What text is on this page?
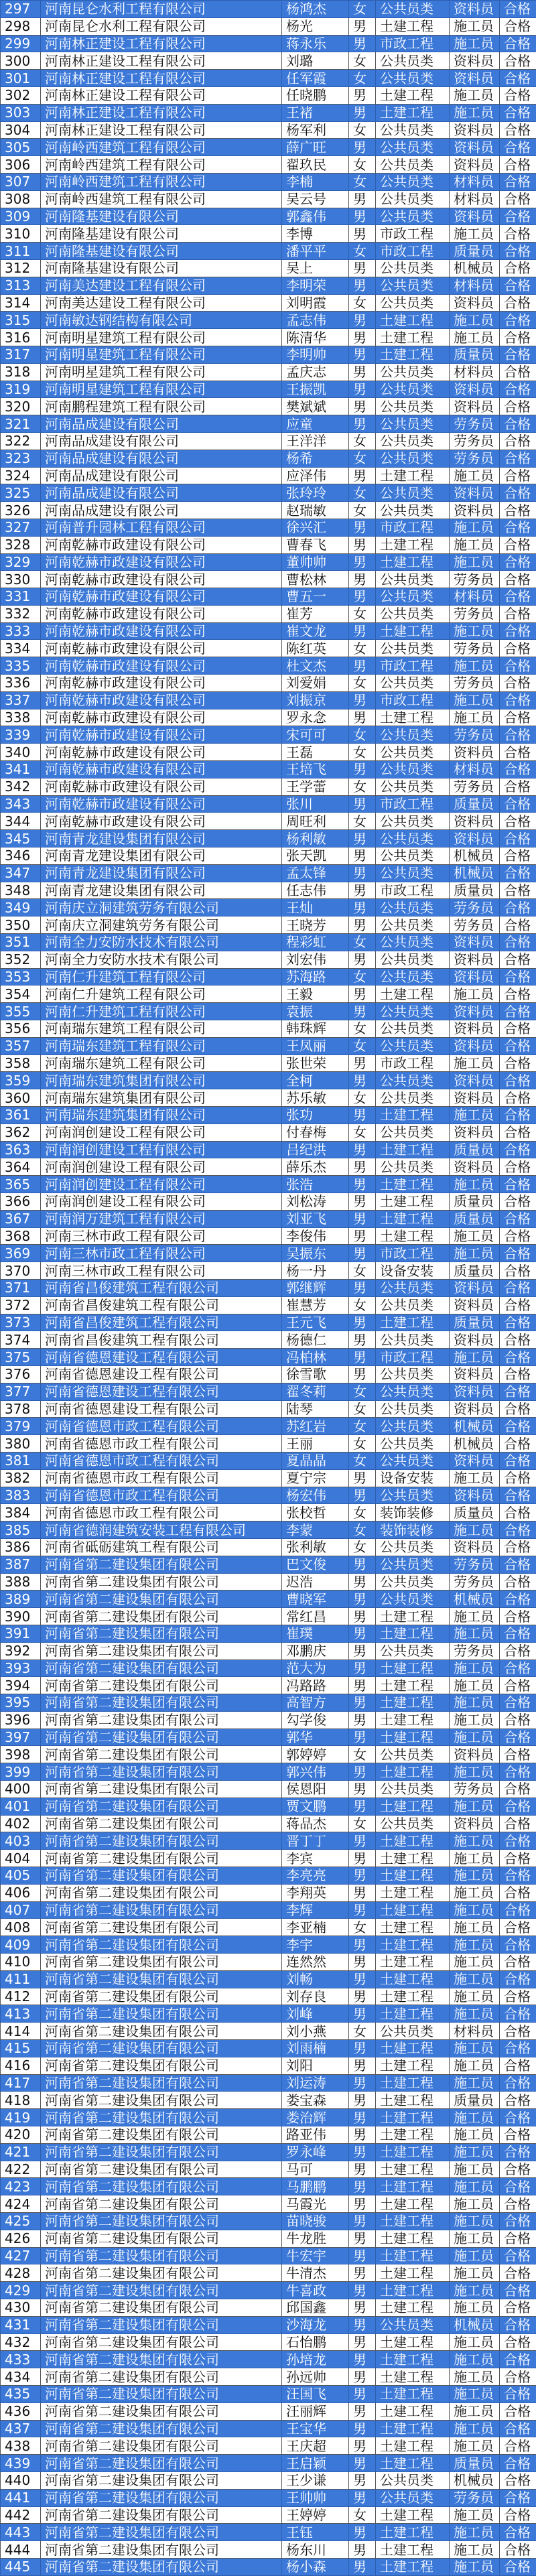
297	河南昆仑水利工程有限公司	杨鸿杰	女	公共员类	资料员	合格
298	河南昆仑水利工程有限公司	杨光	男	土建工程	施工员	合格
299	河南林正建设工程有限公司	蒋永乐	男	市政工程	施工员	合格
300	河南林正建设工程有限公司	刘璐	女	公共员类	资料员	合格
301	河南林正建设工程有限公司	任军霞	女	公共员类	资料员	合格
302	河南林正建设工程有限公司	任晓鹏	男	土建工程	施工员	合格
303	河南林正建设工程有限公司	王褚	男	土建工程	施工员	合格
304	河南林正建设工程有限公司	杨军利	女	公共员类	资料员	合格
305	河南岭西建筑工程有限公司	薛广旺	男	公共员类	资料员	合格
306	河南岭西建筑工程有限公司	翟玖民	女	公共员类	资料员	合格
307	河南岭西建筑工程有限公司	李楠	女	公共员类	材料员	合格
308	河南岭西建筑工程有限公司	吴云号	男	公共员类	材料员	合格
309	河南隆基建设有限公司	郭鑫伟	男	公共员类	资料员	合格
310	河南隆基建设有限公司	李博	男	市政工程	施工员	合格
311	河南隆基建设有限公司	潘平平	女	市政工程	质量员	合格
312	河南隆基建设有限公司	吴上	男	公共员类	机械员	合格
313	河南美达建设工程有限公司	李明荣	男	公共员类	材料员	合格
314	河南美达建设工程有限公司	刘明霞	女	公共员类	资料员	合格
315	河南敏达钢结构有限公司	孟志伟	男	土建工程	施工员	合格
316	河南明星建筑工程有限公司	陈清华	男	土建工程	施工员	合格
317	河南明星建筑工程有限公司	李明帅	男	土建工程	质量员	合格
318	河南明星建筑工程有限公司	孟庆志	男	公共员类	材料员	合格
319	河南明星建筑工程有限公司	王振凯	男	公共员类	资料员	合格
320	河南鹏程建筑工程有限公司	樊斌斌	男	公共员类	资料员	合格
321	河南品成建设有限公司	应童	男	公共员类	劳务员	合格
322	河南品成建设有限公司	王洋洋	女	公共员类	劳务员	合格
323	河南品成建设有限公司	杨希	女	公共员类	劳务员	合格
324	河南品成建设有限公司	应泽伟	男	土建工程	施工员	合格
325	河南品成建设有限公司	张玲玲	女	公共员类	资料员	合格
326	河南品成建设有限公司	赵瑞敏	女	公共员类	资料员	合格
327	河南普升园林工程有限公司	徐兴汇	男	市政工程	施工员	合格
328	河南乾赫市政建设有限公司	曹春飞	男	土建工程	施工员	合格
329	河南乾赫市政建设有限公司	董帅帅	男	土建工程	施工员	合格
330	河南乾赫市政建设有限公司	曹松林	男	公共员类	劳务员	合格
331	河南乾赫市政建设有限公司	曹五一	男	公共员类	材料员	合格
332	河南乾赫市政建设有限公司	崔芳	女	公共员类	劳务员	合格
333	河南乾赫市政建设有限公司	崔文龙	男	土建工程	施工员	合格
334	河南乾赫市政建设有限公司	陈红英	女	公共员类	劳务员	合格
335	河南乾赫市政建设有限公司	杜文杰	男	市政工程	施工员	合格
336	河南乾赫市政建设有限公司	刘爱娟	女	公共员类	劳务员	合格
337	河南乾赫市政建设有限公司	刘振京	男	市政工程	施工员	合格
338	河南乾赫市政建设有限公司	罗永念	男	土建工程	施工员	合格
339	河南乾赫市政建设有限公司	宋可可	女	公共员类	劳务员	合格
340	河南乾赫市政建设有限公司	王磊	女	公共员类	资料员	合格
341	河南乾赫市政建设有限公司	王培飞	男	公共员类	材料员	合格
342	河南乾赫市政建设有限公司	王学蕾	女	公共员类	劳务员	合格
343	河南乾赫市政建设有限公司	张川	男	市政工程	质量员	合格
344	河南乾赫市政建设有限公司	周旺利	女	公共员类	资料员	合格
345	河南青龙建设集团有限公司	杨利敏	男	公共员类	资料员	合格
346	河南青龙建设集团有限公司	张天凯	男	公共员类	机械员	合格
347	河南青龙建设集团有限公司	孟太锋	男	公共员类	机械员	合格
348	河南青龙建设集团有限公司	任志伟	男	市政工程	质量员	合格
349	河南庆立洞建筑劳务有限公司	王灿	男	公共员类	劳务员	合格
350	河南庆立洞建筑劳务有限公司	王晓芳	男	公共员类	劳务员	合格
351	河南全力安防水技术有限公司	程彩虹	女	公共员类	资料员	合格
352	河南全力安防水技术有限公司	刘宏伟	男	公共员类	资料员	合格
353	河南仁升建筑工程有限公司	苏海路	女	公共员类	资料员	合格
354	河南仁升建筑工程有限公司	王毅	男	土建工程	施工员	合格
355	河南仁升建筑工程有限公司	袁振	男	公共员类	资料员	合格
356	河南瑞东建筑工程有限公司	韩珠辉	女	公共员类	资料员	合格
357	河南瑞东建筑工程有限公司	王凤丽	女	公共员类	资料员	合格
358	河南瑞东建筑工程有限公司	张世荣	男	市政工程	施工员	合格
359	河南瑞东建筑集团有限公司	全柯	男	公共员类	资料员	合格
360	河南瑞东建筑集团有限公司	苏乐敏	女	公共员类	资料员	合格
361	河南瑞东建筑集团有限公司	张功	男	土建工程	施工员	合格
362	河南润创建设工程有限公司	付春梅	女	公共员类	资料员	合格
363	河南润创建设工程有限公司	吕纪洪	男	土建工程	质量员	合格
364	河南润创建设工程有限公司	薛乐杰	男	公共员类	资料员	合格
365	河南润创建设工程有限公司	张浩	男	土建工程	施工员	合格
366	河南润创建设工程有限公司	刘松涛	男	土建工程	质量员	合格
367	河南润万建筑工程有限公司	刘亚飞	男	土建工程	质量员	合格
368	河南三林市政工程有限公司	李俊伟	男	土建工程	施工员	合格
369	河南三林市政工程有限公司	吴振东	男	市政工程	施工员	合格
370	河南三林市政工程有限公司	杨一丹	女	设备安装	质量员	合格
371	河南省昌俊建筑工程有限公司	郭继辉	男	公共员类	资料员	合格
372	河南省昌俊建筑工程有限公司	崔慧芳	女	公共员类	资料员	合格
373	河南省昌俊建筑工程有限公司	王元飞	男	土建工程	质量员	合格
374	河南省昌俊建筑工程有限公司	杨德仁	男	公共员类	资料员	合格
375	河南省德恩建设工程有限公司	冯柏林	男	市政工程	施工员	合格
376	河南省德恩建设工程有限公司	徐雪歌	男	公共员类	资料员	合格
377	河南省德恩建设工程有限公司	翟冬莉	女	公共员类	资料员	合格
378	河南省德恩建设工程有限公司	陆琴	女	公共员类	资料员	合格
379	河南省德恩市政工程有限公司	苏红岩	女	公共员类	机械员	合格
380	河南省德恩市政工程有限公司	王丽	女	公共员类	机械员	合格
381	河南省德恩市政工程有限公司	夏晶晶	女	公共员类	资料员	合格
382	河南省德恩市政工程有限公司	夏宁宗	男	设备安装	施工员	合格
383	河南省德恩市政工程有限公司	杨宏伟	男	公共员类	资料员	合格
384	河南省德恩市政工程有限公司	张校哲	女	装饰装修	质量员	合格
385	河南省德润建筑安装工程有限公司	李蒙	女	装饰装修	施工员	合格
386	河南省砥砺建筑工程有限公司	张利敏	女	公共员类	资料员	合格
387	河南省第二建设集团有限公司	巴文俊	男	公共员类	劳务员	合格
388	河南省第二建设集团有限公司	迟浩	男	公共员类	劳务员	合格
389	河南省第二建设集团有限公司	曹晓军	男	公共员类	机械员	合格
390	河南省第二建设集团有限公司	常红昌	男	土建工程	施工员	合格
391	河南省第二建设集团有限公司	崔璞	男	土建工程	施工员	合格
392	河南省第二建设集团有限公司	邓鹏庆	男	公共员类	劳务员	合格
393	河南省第二建设集团有限公司	范大为	男	土建工程	施工员	合格
394	河南省第二建设集团有限公司	冯路路	男	土建工程	施工员	合格
395	河南省第二建设集团有限公司	高智方	男	土建工程	施工员	合格
396	河南省第二建设集团有限公司	勾学俊	男	土建工程	施工员	合格
397	河南省第二建设集团有限公司	郭华	男	土建工程	施工员	合格
398	河南省第二建设集团有限公司	郭婷婷	女	公共员类	资料员	合格
399	河南省第二建设集团有限公司	郭兴伟	男	土建工程	施工员	合格
400	河南省第二建设集团有限公司	侯恩阳	男	公共员类	劳务员	合格
401	河南省第二建设集团有限公司	贾文鹏	男	土建工程	施工员	合格
402	河南省第二建设集团有限公司	蒋品杰	女	公共员类	资料员	合格
403	河南省第二建设集团有限公司	晋丁丁	男	土建工程	施工员	合格
404	河南省第二建设集团有限公司	李宾	男	土建工程	施工员	合格
405	河南省第二建设集团有限公司	李亮亮	男	土建工程	施工员	合格
406	河南省第二建设集团有限公司	李翔英	男	土建工程	施工员	合格
407	河南省第二建设集团有限公司	李辉	男	土建工程	施工员	合格
408	河南省第二建设集团有限公司	李亚楠	女	土建工程	施工员	合格
409	河南省第二建设集团有限公司	李宇	男	土建工程	施工员	合格
410	河南省第二建设集团有限公司	连然然	男	土建工程	施工员	合格
411	河南省第二建设集团有限公司	刘畅	男	土建工程	施工员	合格
412	河南省第二建设集团有限公司	刘存良	男	土建工程	施工员	合格
413	河南省第二建设集团有限公司	刘峰	男	土建工程	施工员	合格
414	河南省第二建设集团有限公司	刘小燕	女	公共员类	材料员	合格
415	河南省第二建设集团有限公司	刘雨楠	男	土建工程	施工员	合格
416	河南省第二建设集团有限公司	刘阳	男	土建工程	施工员	合格
417	河南省第二建设集团有限公司	刘运涛	男	土建工程	施工员	合格
418	河南省第二建设集团有限公司	娄宝森	男	土建工程	质量员	合格
419	河南省第二建设集团有限公司	娄治辉	男	土建工程	施工员	合格
420	河南省第二建设集团有限公司	路亚伟	男	土建工程	施工员	合格
421	河南省第二建设集团有限公司	罗永峰	男	土建工程	施工员	合格
422	河南省第二建设集团有限公司	马可	男	土建工程	施工员	合格
423	河南省第二建设集团有限公司	马鹏鹏	男	土建工程	施工员	合格
424	河南省第二建设集团有限公司	马霞光	男	土建工程	施工员	合格
425	河南省第二建设集团有限公司	苗晓骏	男	土建工程	施工员	合格
426	河南省第二建设集团有限公司	牛龙胜	男	土建工程	施工员	合格
427	河南省第二建设集团有限公司	牛宏宇	男	土建工程	施工员	合格
428	河南省第二建设集团有限公司	牛清杰	男	土建工程	施工员	合格
429	河南省第二建设集团有限公司	牛喜政	男	土建工程	施工员	合格
430	河南省第二建设集团有限公司	邱国鑫	男	土建工程	施工员	合格
431	河南省第二建设集团有限公司	沙海龙	男	公共员类	机械员	合格
432	河南省第二建设集团有限公司	石怡鹏	男	土建工程	施工员	合格
433	河南省第二建设集团有限公司	孙培龙	男	土建工程	施工员	合格
434	河南省第二建设集团有限公司	孙远帅	男	土建工程	施工员	合格
435	河南省第二建设集团有限公司	汪国飞	男	土建工程	施工员	合格
436	河南省第二建设集团有限公司	汪丽辉	男	土建工程	施工员	合格
437	河南省第二建设集团有限公司	王宝华	男	土建工程	施工员	合格
438	河南省第二建设集团有限公司	王庆超	男	土建工程	施工员	合格
439	河南省第二建设集团有限公司	王启颖	男	土建工程	质量员	合格
440	河南省第二建设集团有限公司	王少谦	男	公共员类	机械员	合格
441	河南省第二建设集团有限公司	王帅帅	男	公共员类	劳务员	合格
442	河南省第二建设集团有限公司	王婷婷	女	土建工程	施工员	合格
443	河南省第二建设集团有限公司	王钰	男	土建工程	施工员	合格
444	河南省第二建设集团有限公司	杨东川	男	土建工程	施工员	合格
445	河南省第二建设集团有限公司	杨小森	男	土建工程	施工员	合格
